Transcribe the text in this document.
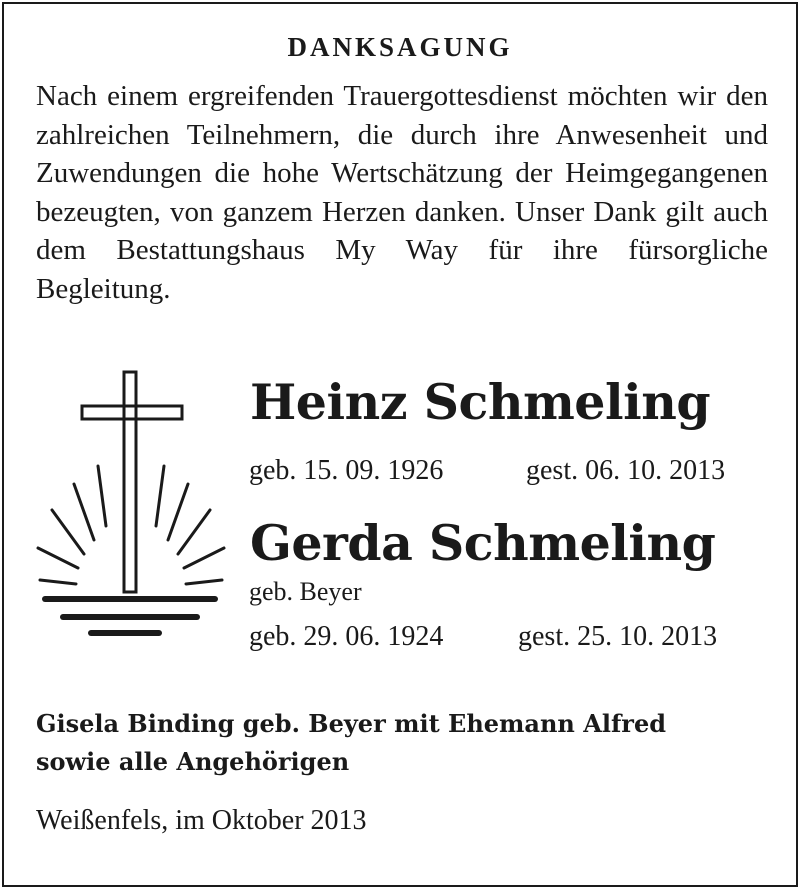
DANKSAGUNG

Nach einem ergreifenden Trauergottesdienst möchten wir den zahlreichen Teilnehmern, die durch ihre Anwesenheit und Zuwendungen die hohe Wertschätzung der Heimgegangenen bezeugten, von ganzem Herzen danken. Unser Dank gilt auch dem Bestattungshaus My Way für ihre fürsorgliche Begleitung.

Heinz Schmeling
geb. 15. 09. 1926	gest. 06. 10. 2013
Gerda Schmeling
geb. Beyer
geb. 29. 06. 1924	gest. 25. 10. 2013
Gisela Binding geb. Beyer mit Ehemann Alfred
sowie alle Angehörigen
Weißenfels, im Oktober 2013
